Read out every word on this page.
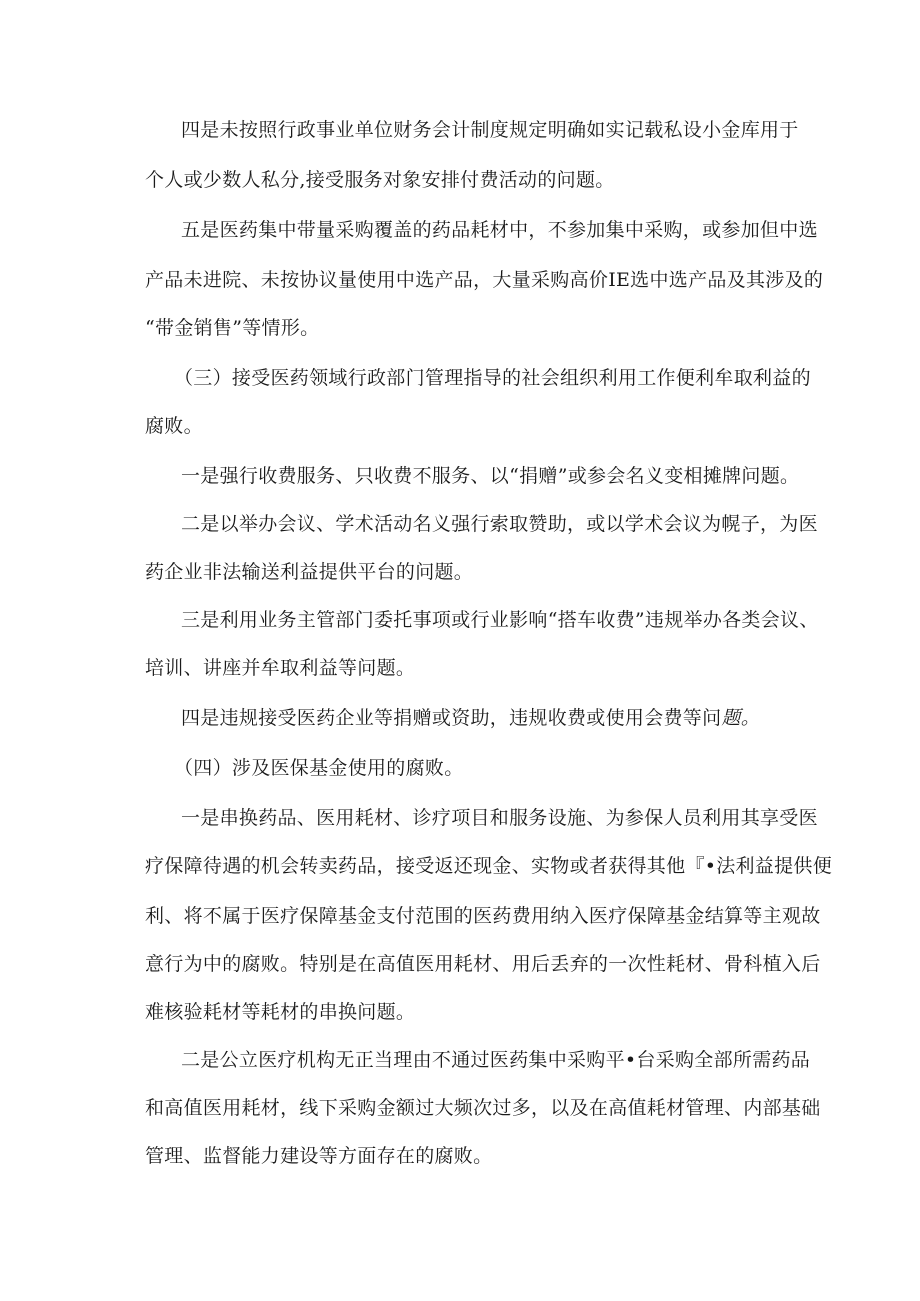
四是未按照行政事业单位财务会计制度规定明确如实记载私设小金库用于
个人或少数人私分,接受服务对象安排付费活动的问题。
五是医药集中带量采购覆盖的药品耗材中，不参加集中采购，或参加但中选
产品未进院、未按协议量使用中选产品，大量采购高价IE选中选产品及其涉及的
“带金销售”等情形。
（三）接受医药领域行政部门管理指导的社会组织利用工作便利牟取利益的
腐败。
一是强行收费服务、只收费不服务、以“捐赠”或参会名义变相摊牌问题。
二是以举办会议、学术活动名义强行索取赞助，或以学术会议为幌子，为医
药企业非法输送利益提供平台的问题。
三是利用业务主管部门委托事项或行业影响“搭车收费”违规举办各类会议、
培训、讲座并牟取利益等问题。
四是违规接受医药企业等捐赠或资助，违规收费或使用会费等问题。
（四）涉及医保基金使用的腐败。
一是串换药品、医用耗材、诊疗项目和服务设施、为参保人员利用其享受医
疗保障待遇的机会转卖药品，接受返还现金、实物或者获得其他『•法利益提供便
利、将不属于医疗保障基金支付范围的医药费用纳入医疗保障基金结算等主观故
意行为中的腐败。特别是在高值医用耗材、用后丢弃的一次性耗材、骨科植入后
难核验耗材等耗材的串换问题。
二是公立医疗机构无正当理由不通过医药集中采购平•台采购全部所需药品
和高值医用耗材，线下采购金额过大频次过多，以及在高值耗材管理、内部基础
管理、监督能力建设等方面存在的腐败。
